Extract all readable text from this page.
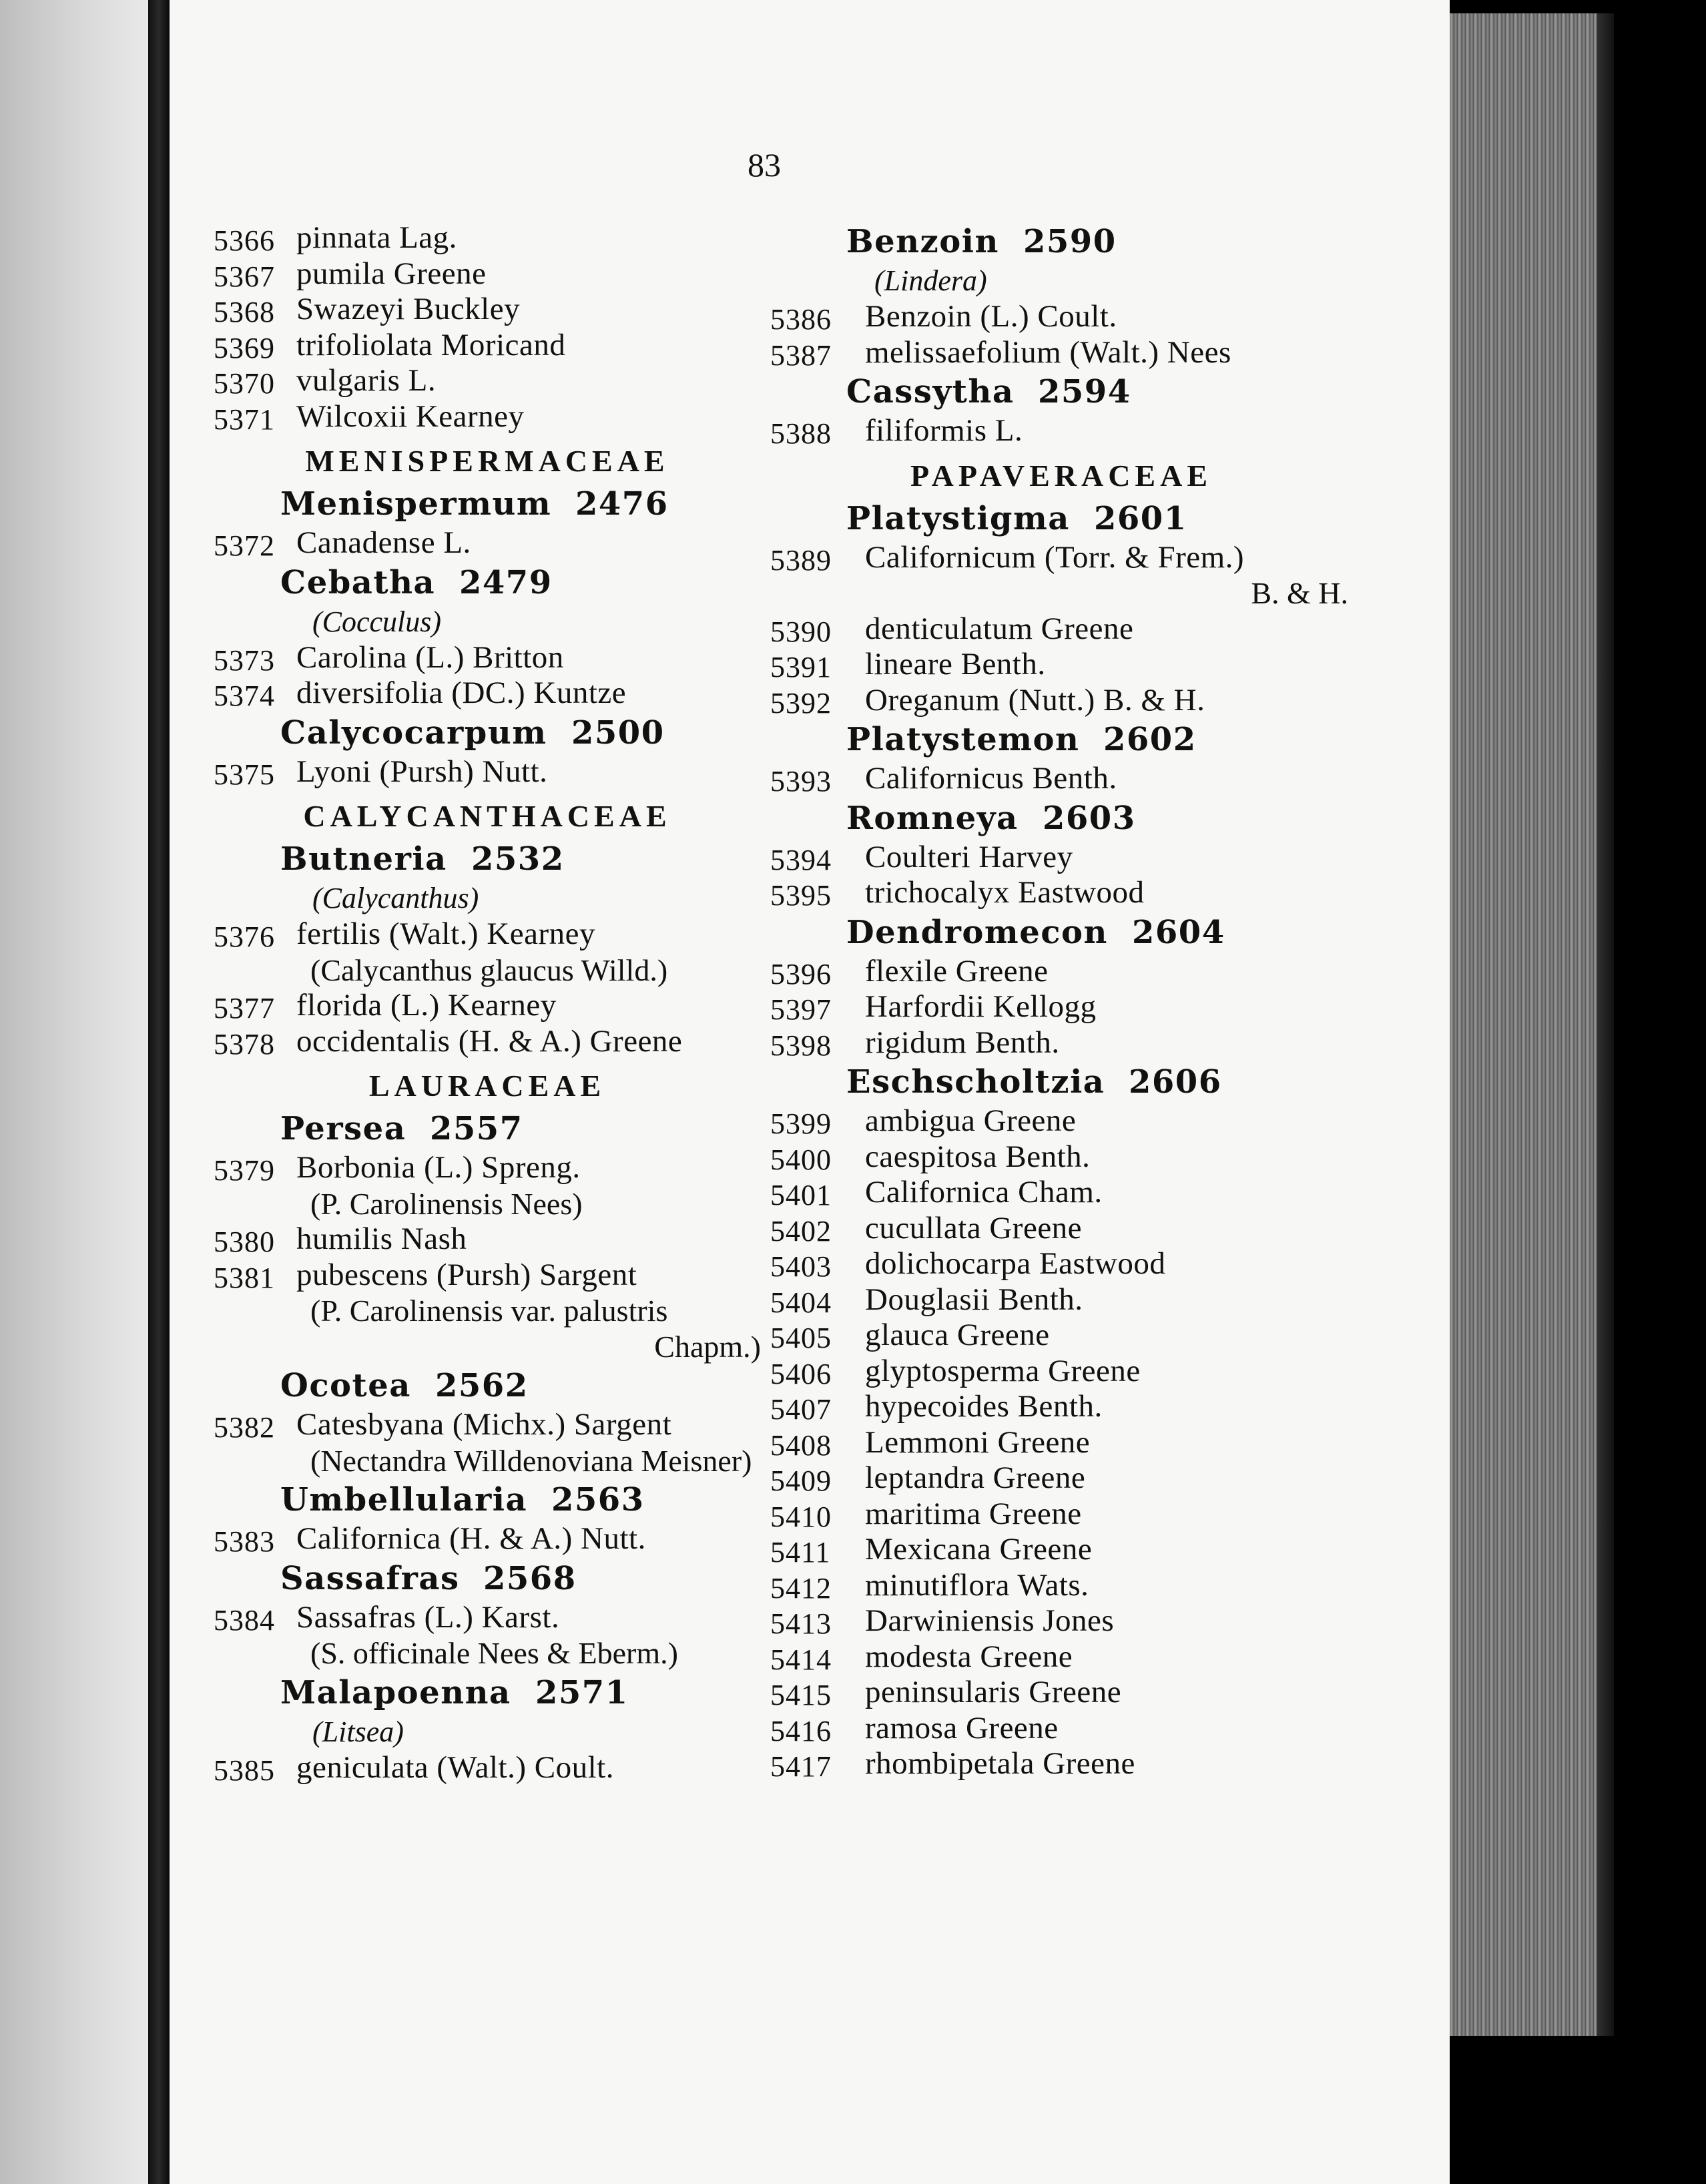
83
5366 pinnata Lag.
5367 pumila Greene
5368 Swazeyi Buckley
5369 trifoliolata Moricand
5370 vulgaris L.
5371 Wilcoxii Kearney
MENISPERMACEAE
Menispermum 2476
5372 Canadense L.
Cebatha 2479
(Cocculus)
5373 Carolina (L.) Britton
5374 diversifolia (DC.) Kuntze
Calycocarpum 2500
5375 Lyoni (Pursh) Nutt.
CALYCANTHACEAE
Butneria 2532
(Calycanthus)
5376 fertilis (Walt.) Kearney
(Calycanthus glaucus Willd.)
5377 florida (L.) Kearney
5378 occidentalis (H. & A.) Greene
LAURACEAE
Persea 2557
5379 Borbonia (L.) Spreng.
(P. Carolinensis Nees)
5380 humilis Nash
5381 pubescens (Pursh) Sargent
(P. Carolinensis var. palustris
Chapm.)
Ocotea 2562
5382 Catesbyana (Michx.) Sargent
(Nectandra Willdenoviana Meisner)
Umbellularia 2563
5383 Californica (H. & A.) Nutt.
Sassafras 2568
5384 Sassafras (L.) Karst.
(S. officinale Nees & Eberm.)
Malapoenna 2571
(Litsea)
5385 geniculata (Walt.) Coult.
Benzoin 2590
(Lindera)
5386 Benzoin (L.) Coult.
5387 melissaefolium (Walt.) Nees
Cassytha 2594
5388 filiformis L.
PAPAVERACEAE
Platystigma 2601
5389 Californicum (Torr. & Frem.)
B. & H.
5390 denticulatum Greene
5391 lineare Benth.
5392 Oreganum (Nutt.) B. & H.
Platystemon 2602
5393 Californicus Benth.
Romneya 2603
5394 Coulteri Harvey
5395 trichocalyx Eastwood
Dendromecon 2604
5396 flexile Greene
5397 Harfordii Kellogg
5398 rigidum Benth.
Eschscholtzia 2606
5399 ambigua Greene
5400 caespitosa Benth.
5401 Californica Cham.
5402 cucullata Greene
5403 dolichocarpa Eastwood
5404 Douglasii Benth.
5405 glauca Greene
5406 glyptosperma Greene
5407 hypecoides Benth.
5408 Lemmoni Greene
5409 leptandra Greene
5410 maritima Greene
5411 Mexicana Greene
5412 minutiflora Wats.
5413 Darwiniensis Jones
5414 modesta Greene
5415 peninsularis Greene
5416 ramosa Greene
5417 rhombipetala Greene
